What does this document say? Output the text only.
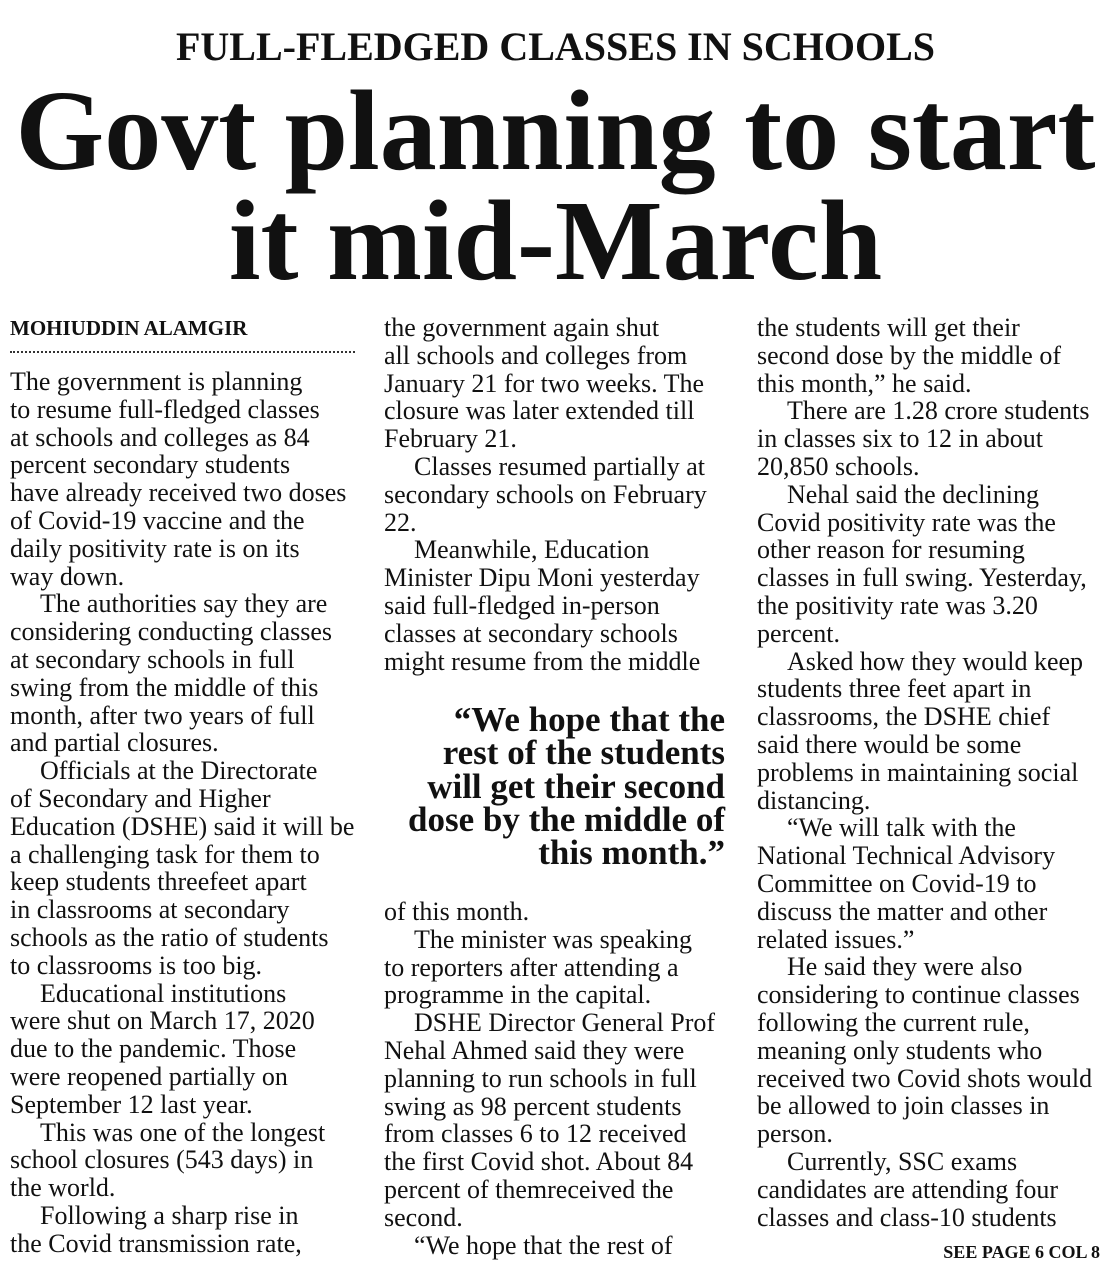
FULL-FLEDGED CLASSES IN SCHOOLS
Govt planning to start
it mid-March
MOHIUDDIN ALAMGIR
The government is planning
to resume full-fledged classes
at schools and colleges as 84
percent secondary students
have already received two doses
of Covid-19 vaccine and the
daily positivity rate is on its
way down.
The authorities say they are
considering conducting classes
at secondary schools in full
swing from the middle of this
month, after two years of full
and partial closures.
Officials at the Directorate
of Secondary and Higher
Education (DSHE) said it will be
a challenging task for them to
keep students threefeet apart
in classrooms at secondary
schools as the ratio of students
to classrooms is too big.
Educational institutions
were shut on March 17, 2020
due to the pandemic. Those
were reopened partially on
September 12 last year.
This was one of the longest
school closures (543 days) in
the world.
Following a sharp rise in
the Covid transmission rate,
the government again shut
all schools and colleges from
January 21 for two weeks. The
closure was later extended till
February 21.
Classes resumed partially at
secondary schools on February
22.
Meanwhile, Education
Minister Dipu Moni yesterday
said full-fledged in-person
classes at secondary schools
might resume from the middle
“We hope that the
rest of the students
will get their second
dose by the middle of
this month.”
of this month.
The minister was speaking
to reporters after attending a
programme in the capital.
DSHE Director General Prof
Nehal Ahmed said they were
planning to run schools in full
swing as 98 percent students
from classes 6 to 12 received
the first Covid shot. About 84
percent of themreceived the
second.
“We hope that the rest of
the students will get their
second dose by the middle of
this month,” he said.
There are 1.28 crore students
in classes six to 12 in about
20,850 schools.
Nehal said the declining
Covid positivity rate was the
other reason for resuming
classes in full swing. Yesterday,
the positivity rate was 3.20
percent.
Asked how they would keep
students three feet apart in
classrooms, the DSHE chief
said there would be some
problems in maintaining social
distancing.
“We will talk with the
National Technical Advisory
Committee on Covid-19 to
discuss the matter and other
related issues.”
He said they were also
considering to continue classes
following the current rule,
meaning only students who
received two Covid shots would
be allowed to join classes in
person.
Currently, SSC exams
candidates are attending four
classes and class-10 students
SEE PAGE 6 COL 8
